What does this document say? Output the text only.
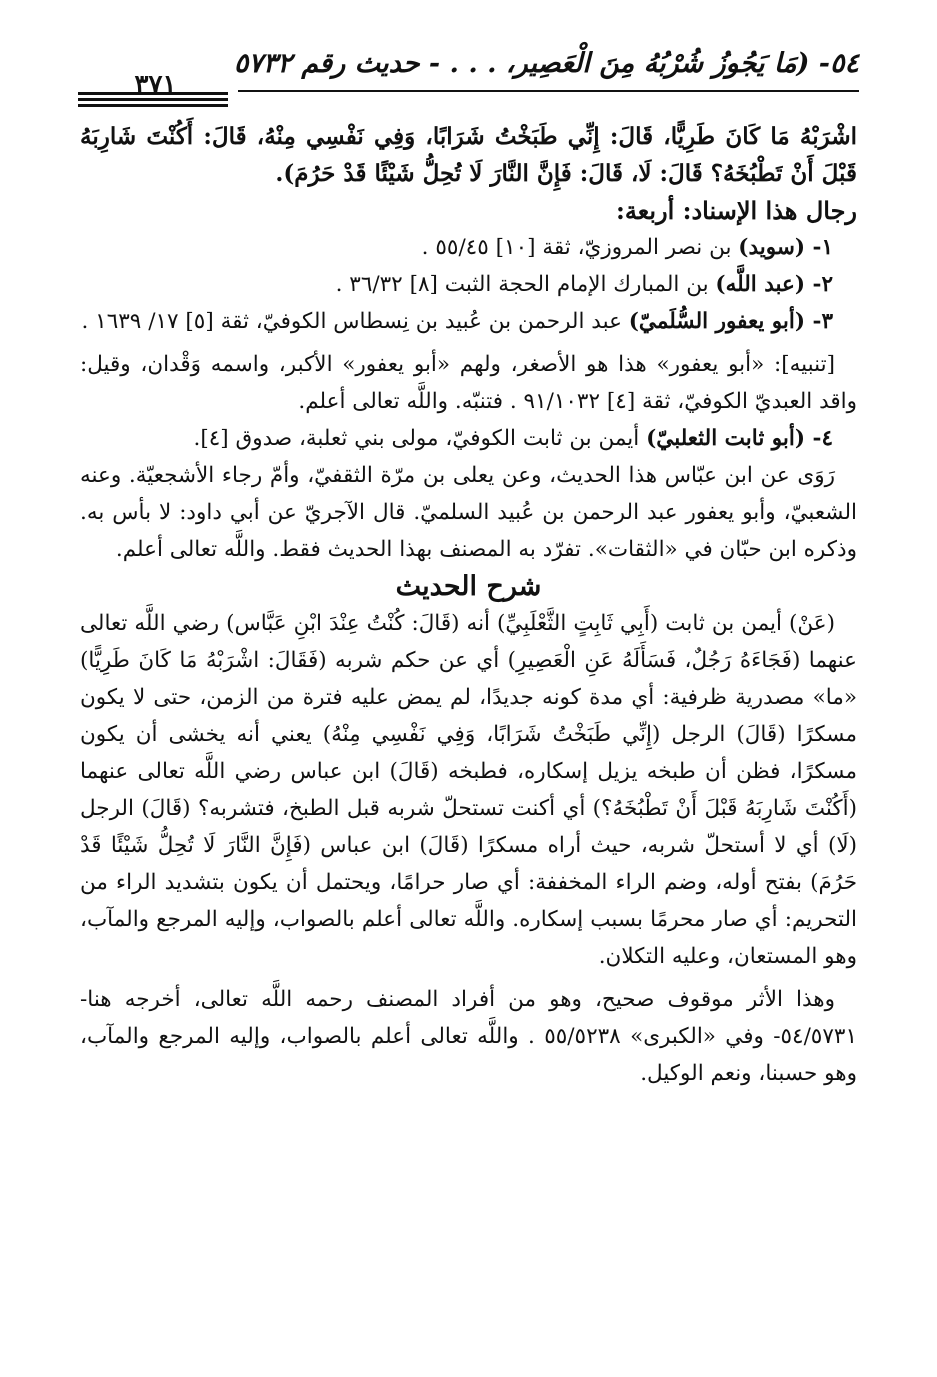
٥٤- (مَا يَجُوزُ شُرْبُهُ مِنَ الْعَصِير، . . . - حديث رقم ٥٧٣٢
٣٧١

اشْرَبْهُ مَا كَانَ طَرِيًّا، قَالَ: إِنِّي طَبَخْتُ شَرَابًا، وَفِي نَفْسِي مِنْهُ، قَالَ: أَكُنْتَ شَارِبَهُ قَبْلَ أَنْ تَطْبُخَهُ؟ قَالَ: لَا، قَالَ: فَإِنَّ النَّارَ لَا تُحِلُّ شَيْئًا قَدْ حَرُمَ).

رجال هذا الإسناد: أربعة:

١- (سويد) بن نصر المروزيّ، ثقة [١٠] ٥٥/٤٥ .

٢- (عبد اللَّه) بن المبارك الإمام الحجة الثبت [٨] ٣٦/٣٢ .

٣- (أبو يعفور السُّلَميّ) عبد الرحمن بن عُبيد بن نِسطاس الكوفيّ، ثقة [٥] ١٧/ ١٦٣٩ .

[تنبيه]: «أبو يعفور» هذا هو الأصغر، ولهم «أبو يعفور» الأكبر، واسمه وَقْدان، وقيل: واقد العبديّ الكوفيّ، ثقة [٤] ٩١/١٠٣٢ . فتنبّه. واللَّه تعالى أعلم.

٤- (أبو ثابت الثعلبيّ) أيمن بن ثابت الكوفيّ، مولى بني ثعلبة، صدوق [٤].

رَوَى عن ابن عبّاس هذا الحديث، وعن يعلى بن مرّة الثقفيّ، وأمّ رجاء الأشجعيّة. وعنه الشعبيّ، وأبو يعفور عبد الرحمن بن عُبيد السلميّ. قال الآجريّ عن أبي داود: لا بأس به. وذكره ابن حبّان في «الثقات». تفرّد به المصنف بهذا الحديث فقط. واللَّه تعالى أعلم.

شرح الحديث

(عَنْ) أيمن بن ثابت (أَبِي ثَابِتٍ الثَّعْلَبِيِّ) أنه (قَالَ: كُنْتُ عِنْدَ ابْنِ عَبَّاس) رضي اللَّه تعالى عنهما (فَجَاءَهُ رَجُلٌ، فَسَأَلَهُ عَنِ الْعَصِيرِ) أي عن حكم شربه (فَقَالَ: اشْرَبْهُ مَا كَانَ طَرِيًّا) «ما» مصدرية ظرفية: أي مدة كونه جديدًا، لم يمض عليه فترة من الزمن، حتى لا يكون مسكرًا (قَالَ) الرجل (إِنِّي طَبَخْتُ شَرَابًا، وَفِي نَفْسِي مِنْهُ) يعني أنه يخشى أن يكون مسكرًا، فظن أن طبخه يزيل إسكاره، فطبخه (قَالَ) ابن عباس رضي اللَّه تعالى عنهما (أَكُنْتَ شَارِبَهُ قَبْلَ أَنْ تَطْبُخَهُ؟) أي أكنت تستحلّ شربه قبل الطبخ، فتشربه؟ (قَالَ) الرجل (لَا) أي لا أستحلّ شربه، حيث أراه مسكرًا (قَالَ) ابن عباس (فَإِنَّ النَّارَ لَا تُحِلُّ شَيْئًا قَدْ حَرُمَ) بفتح أوله، وضم الراء المخففة: أي صار حرامًا، ويحتمل أن يكون بتشديد الراء من التحريم: أي صار محرمًا بسبب إسكاره. واللَّه تعالى أعلم بالصواب، وإليه المرجع والمآب، وهو المستعان، وعليه التكلان.

وهذا الأثر موقوف صحيح، وهو من أفراد المصنف رحمه اللَّه تعالى، أخرجه هنا- ٥٤/٥٧٣١- وفي «الكبرى» ٥٥/٥٢٣٨ . واللَّه تعالى أعلم بالصواب، وإليه المرجع والمآب، وهو حسبنا، ونعم الوكيل.
